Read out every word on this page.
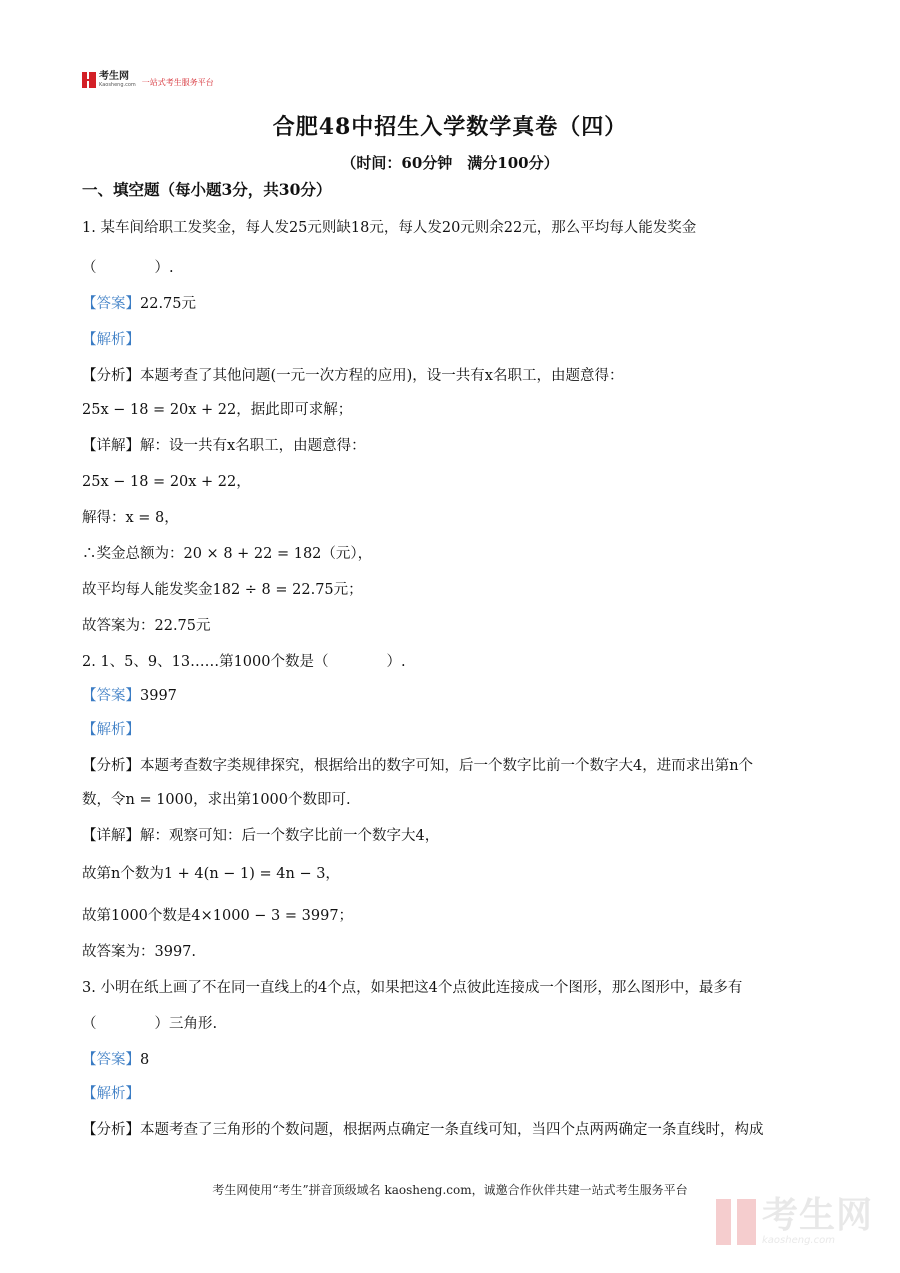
考生网
Kaosheng.com 一站式考生服务平台
合肥48中招生入学数学真卷（四）
（时间：60分钟　满分100分）
一、填空题（每小题3分，共30分）
1. 某车间给职工发奖金，每人发25元则缺18元，每人发20元则余22元，那么平均每人能发奖金
（　　　　）.
【答案】22.75元
【解析】
【分析】本题考查了其他问题(一元一次方程的应用)，设一共有x名职工，由题意得：
25x − 18 = 20x + 22，据此即可求解；
【详解】解：设一共有x名职工，由题意得：
25x − 18 = 20x + 22，
解得：x = 8，
∴奖金总额为：20 × 8 + 22 = 182（元），
故平均每人能发奖金182 ÷ 8 = 22.75元；
故答案为：22.75元
2. 1、5、9、13……第1000个数是（　　　　）.
【答案】3997
【解析】
【分析】本题考查数字类规律探究，根据给出的数字可知，后一个数字比前一个数字大4，进而求出第n个
数，令n = 1000，求出第1000个数即可.
【详解】解：观察可知：后一个数字比前一个数字大4，
故第n个数为1 + 4(n − 1) = 4n − 3，
故第1000个数是4×1000 − 3 = 3997；
故答案为：3997.
3. 小明在纸上画了不在同一直线上的4个点，如果把这4个点彼此连接成一个图形，那么图形中，最多有
（　　　　）三角形.
【答案】8
【解析】
【分析】本题考查了三角形的个数问题，根据两点确定一条直线可知，当四个点两两确定一条直线时，构成
考生网使用“考生”拼音顶级域名 kaosheng.com，诚邀合作伙伴共建一站式考生服务平台
考生网
kaosheng.com
